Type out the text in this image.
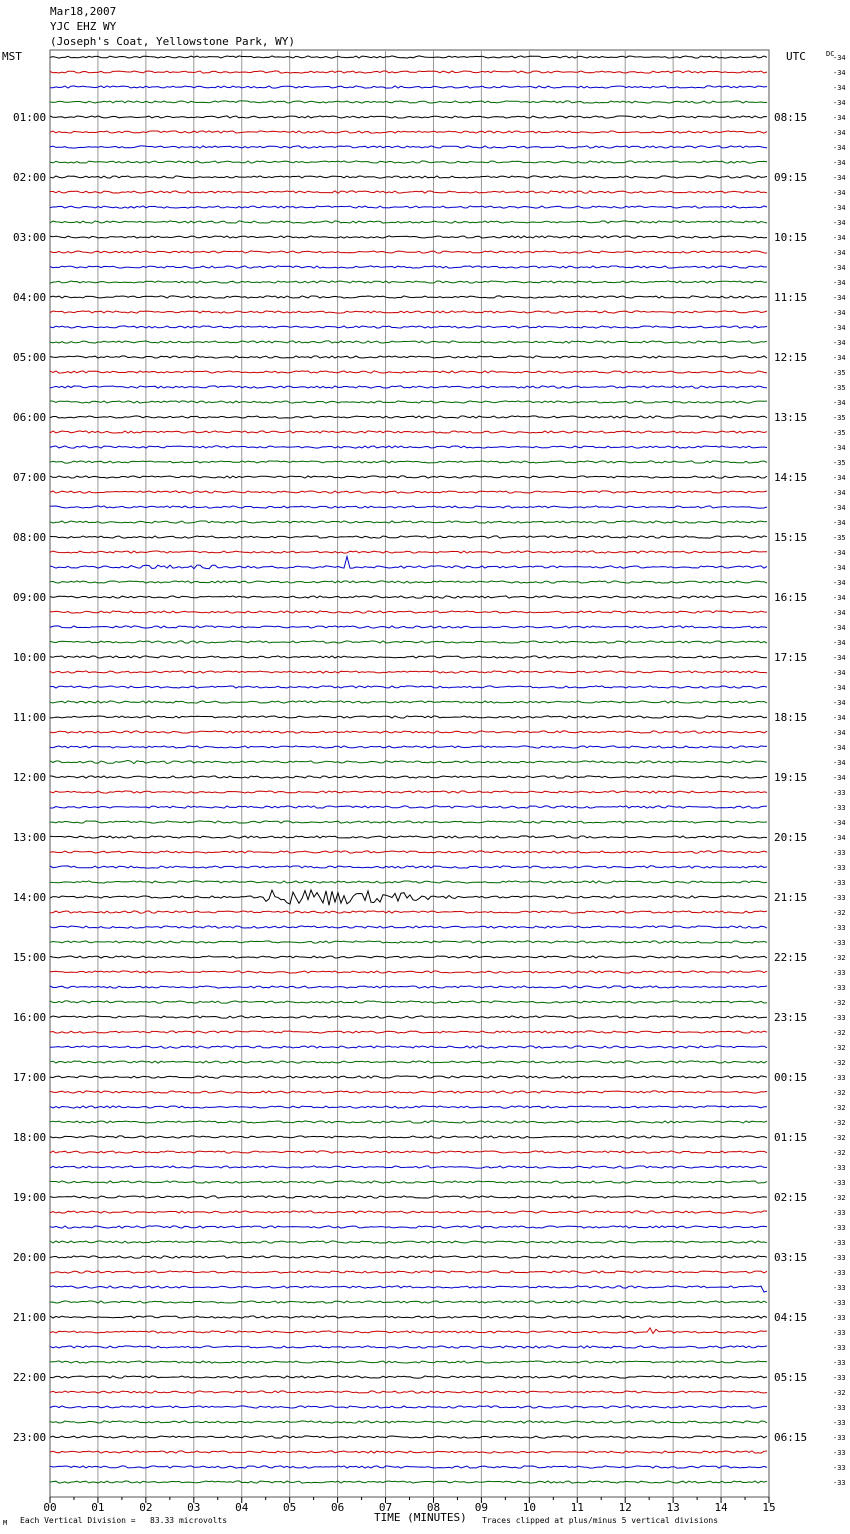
Mar18,2007
YJC EHZ WY
(Joseph's Coat, Yellowstone Park, WY)
MST	UTC	DC
00	01	02	03	04	05	06	07	08	09	10	11	12	13	14	15
-34
-34
-34
-34
-34
-34
-34
-34
-34
-34
-34
-34
-34
-34
-34
-34
-34
-34
-34
-34
-34
-35
-35
-34
-35
-35
-34
-35
-34
-34
-34
-34
-35
-34
-34
-34
-34
-34
-34
-34
-34
-34
-34
-34
-34
-34
-34
-34
-34
-33
-33
-34
-34
-33
-33
-33
-33
-32
-33
-33
-32
-33
-33
-32
-33
-32
-32
-32
-33
-32
-32
-32
-32
-32
-33
-33
-32
-33
-33
-33
-33
-33
-33
-33
-33
-33
-33
-33
-33
-32
-33
-33
-33
-33
-33
-33
01:00
02:00
03:00
04:00
05:00
06:00
07:00
08:00
09:00
10:00
11:00
12:00
13:00
14:00
15:00
16:00
17:00
18:00
19:00
20:00
21:00
22:00
23:00
08:15
09:15
10:15
11:15
12:15
13:15
14:15
15:15
16:15
17:15
18:15
19:15
20:15
21:15
22:15
23:15
00:15
01:15
02:15
03:15
04:15
05:15
06:15
M Each Vertical Division =   83.33 microvolts	TIME (MINUTES) Traces clipped at plus/minus 5 vertical divisions
